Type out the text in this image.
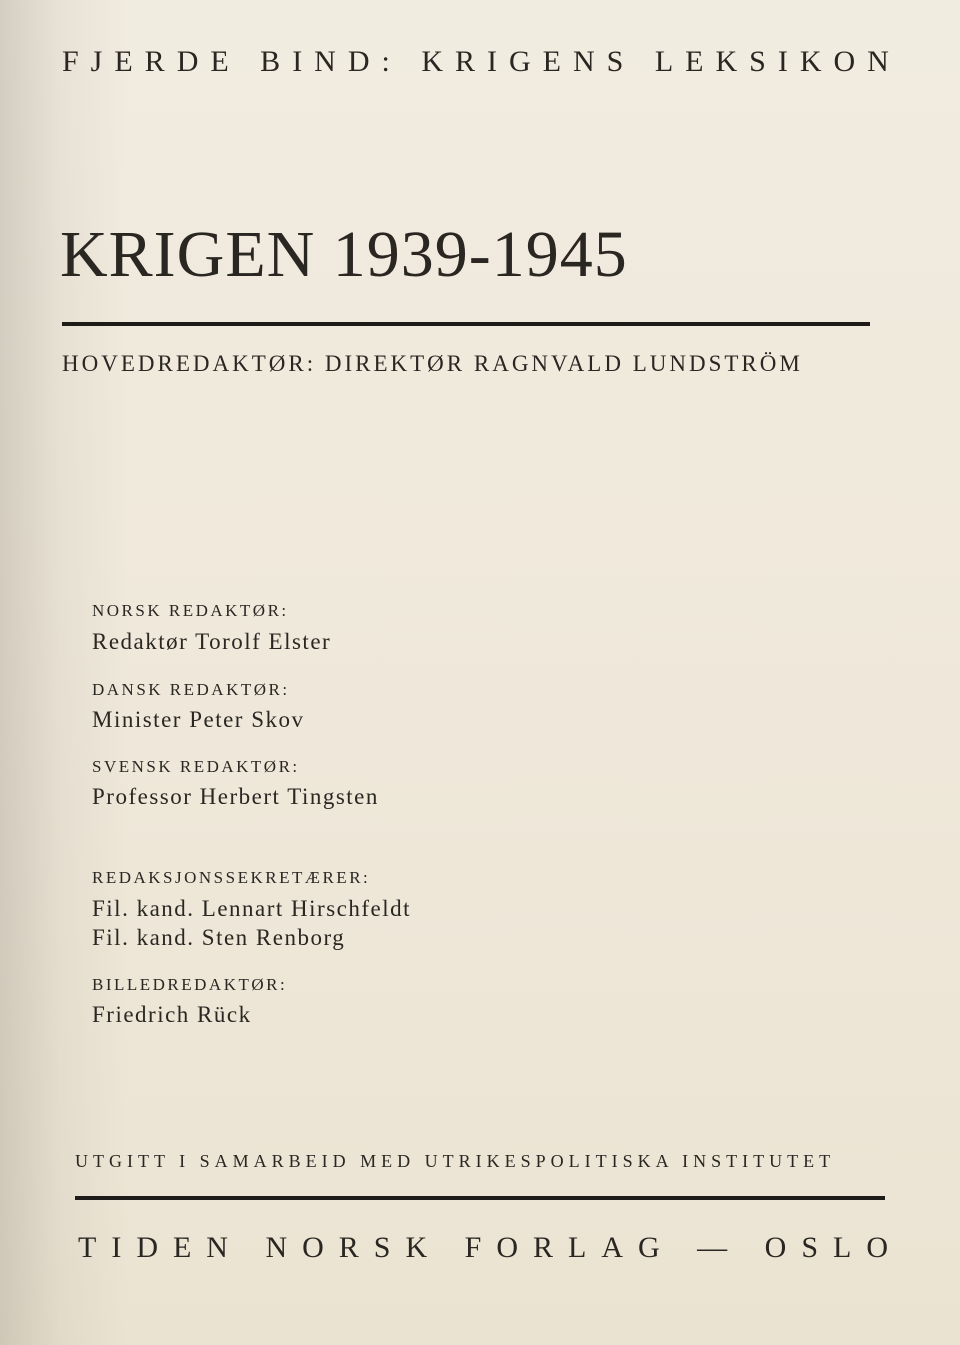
FJERDE BIND: KRIGENS LEKSIKON
KRIGEN 1939-1945
HOVEDREDAKTØR: DIREKTØR RAGNVALD LUNDSTRÖM
NORSK REDAKTØR:
Redaktør Torolf Elster
DANSK REDAKTØR:
Minister Peter Skov
SVENSK REDAKTØR:
Professor Herbert Tingsten
REDAKSJONSSEKRETÆRER:
Fil. kand. Lennart Hirschfeldt
Fil. kand. Sten Renborg
BILLEDREDAKTØR:
Friedrich Rück
UTGITT I SAMARBEID MED UTRIKESPOLITISKA INSTITUTET
TIDEN NORSK FORLAG — OSLO
